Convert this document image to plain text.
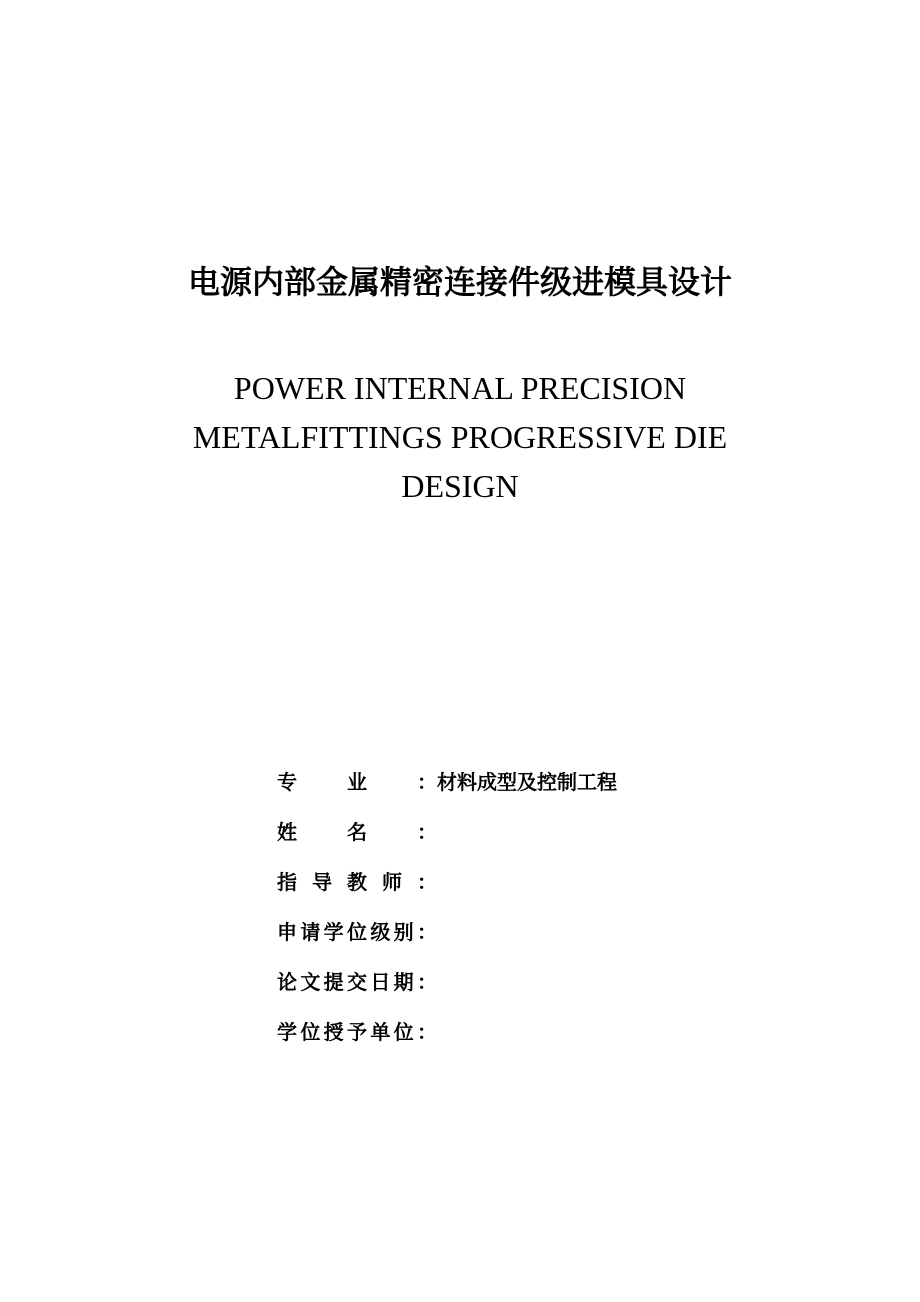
电源内部金属精密连接件级进模具设计
POWER INTERNAL PRECISION
METALFITTINGS PROGRESSIVE DIE
DESIGN
专业：材料成型及控制工程
姓名：
指导教师：
申请学位级别：
论文提交日期：
学位授予单位：
